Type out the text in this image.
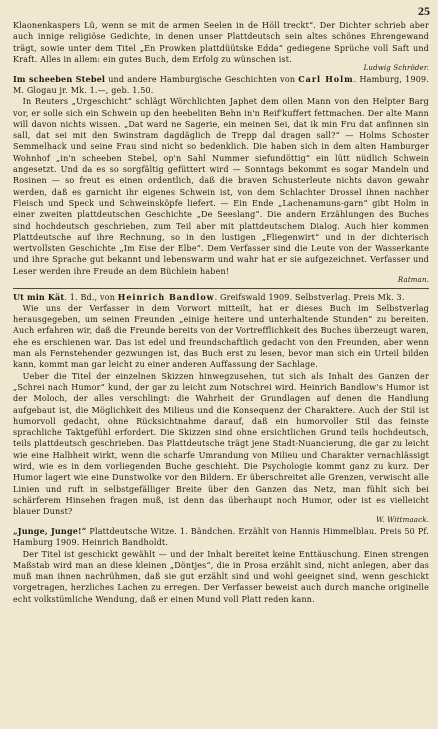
25

Klaonenkaspers Lü, wenn se mit de armen Seelen in de Höll treckt“. Der Dichter schrieb aber auch innige religiöse Gedichte, in denen unser Plattdeutsch sein altes schönes Ehrengewand trägt, sowie unter dem Titel „En Prowken plattdüütske Edda“ gediegene Sprüche voll Saft und Kraft. Alles in allem: ein gutes Buch, dem Erfolg zu wünschen ist.

Ludwig Schröder.

Im scheeben Stebel und andere Hamburgische Geschichten von Carl Holm. Hamburg, 1909. M. Glogau jr. Mk. 1.—, geb. 1.50.

In Reuters „Urgeschicht“ schlägt Wörchlichten Japhet dem ollen Mann von den Helpter Barg vor, er solle sich ein Schwein up den heebeliten Behn in'n Reif'kuffert fettmachen. Der alte Mann will davon nichts wissen. „Dat ward ne Sagerie, ein meinen Sei, dat ik min Fru dat anfinnen sin sall, dat sei mit den Swinstram dagdäglich de Trepp dal dragen sall?“ — Holms Schoster Semmelhack und seine Frau sind nicht so bedenklich. Die haben sich in dem alten Hamburger Wohnhof „in'n scheeben Stebel, op'n Sahl Nummer siefundöttig“ ein lütt nüdlich Schwein angesetzt. Und da es so sorgfältig gefüttert wird — Sonntags bekommt es sogar Mandeln und Rosinen — so freut es einen ordentlich, daß die braven Schusterleute nichts davon gewahr werden, daß es garnicht ihr eigenes Schwein ist, von dem Schlachter Drossel ihnen nachher Fleisch und Speck und Schweinsköpfe liefert. — Ein Ende „Lachenamuns-garn“ gibt Holm in einer zweiten plattdeutschen Geschichte „De Seeslang“. Die andern Erzählungen des Buches sind hochdeutsch geschrieben, zum Teil aber mit plattdeutschem Dialog. Auch hier kommen Plattdeutsche auf ihre Rechnung, so in den lustigen „Fliegenwirt“ und in der dichterisch wertvollsten Geschichte „Im Eise der Elbe“. Dem Verfasser sind die Leute von der Wasserkante und ihre Sprache gut bekannt und lebenswarm und wahr hat er sie aufgezeichnet. Verfasser und Leser werden ihre Freude an dem Büchlein haben!

Ratman.

Ut min Kät. 1. Bd., von Heinrich Bandlow. Greifswald 1909. Selbstverlag. Preis Mk. 3.

Wie uns der Verfasser in dem Vorwort mitteilt, hat er dieses Buch im Selbstverlag herausgegeben, um seinen Freunden „einige heitere und unterhaltende Stunden“ zu bereiten. Auch erfahren wir, daß die Freunde bereits von der Vortrefflichkeit des Buches überzeugt waren, ehe es erschienen war. Das ist edel und freundschaftlich gedacht von den Freunden, aber wenn man als Fernstehender gezwungen ist, das Buch erst zu lesen, bevor man sich ein Urteil bilden kann, kommt man gar leicht zu einer anderen Auffassung der Sachlage.

Ueber die Titel der einzelnen Skizzen hinwegzusehen, tut sich als Inhalt des Ganzen der „Schrei nach Humor“ kund, der gar zu leicht zum Notschrei wird. Heinrich Bandlow's Humor ist der Moloch, der alles verschlingt: die Wahrheit der Grundlagen auf denen die Handlung aufgebaut ist, die Möglichkeit des Milieus und die Konsequenz der Charaktere. Auch der Stil ist humorvoll gedacht, ohne Rücksichtnahme darauf, daß ein humorvoller Stil das feinste sprachliche Taktgefühl erfordert. Die Skizzen sind ohne ersichtlichen Grund teils hochdeutsch, teils plattdeutsch geschrieben. Das Plattdeutsche trägt jene Stadt-Nuancierung, die gar zu leicht wie eine Halbheit wirkt, wenn die scharfe Umrandung von Milieu und Charakter vernachlässigt wird, wie es in dem vorliegenden Buche geschieht. Die Psychologie kommt ganz zu kurz. Der Humor lagert wie eine Dunstwolke vor den Bildern. Er überschreitet alle Grenzen, verwischt alle Linien und ruft in selbstgefälliger Breite über den Ganzen das Netz, man fühlt sich bei schärferem Hinsehen fragen muß, ist denn das überhaupt noch Humor, oder ist es vielleicht blauer Dunst?

W. Wittmaack.

„Junge, Junge!“ Plattdeutsche Witze. 1. Bändchen. Erzählt von Hannis Himmelblau. Preis 50 Pf. Hamburg 1909. Heinrich Bandholdt.

Der Titel ist geschickt gewählt — und der Inhalt bereitet keine Enttäuschung. Einen strengen Maßstab wird man an diese kleinen „Döntjes“, die in Prosa erzählt sind, nicht anlegen, aber das muß man ihnen nachrühmen, daß sie gut erzählt sind und wohl geeignet sind, wenn geschickt vorgetragen, herzliches Lachen zu erregen. Der Verfasser beweist auch durch manche originelle echt volkstümliche Wendung, daß er einen Mund voll Platt reden kann.
